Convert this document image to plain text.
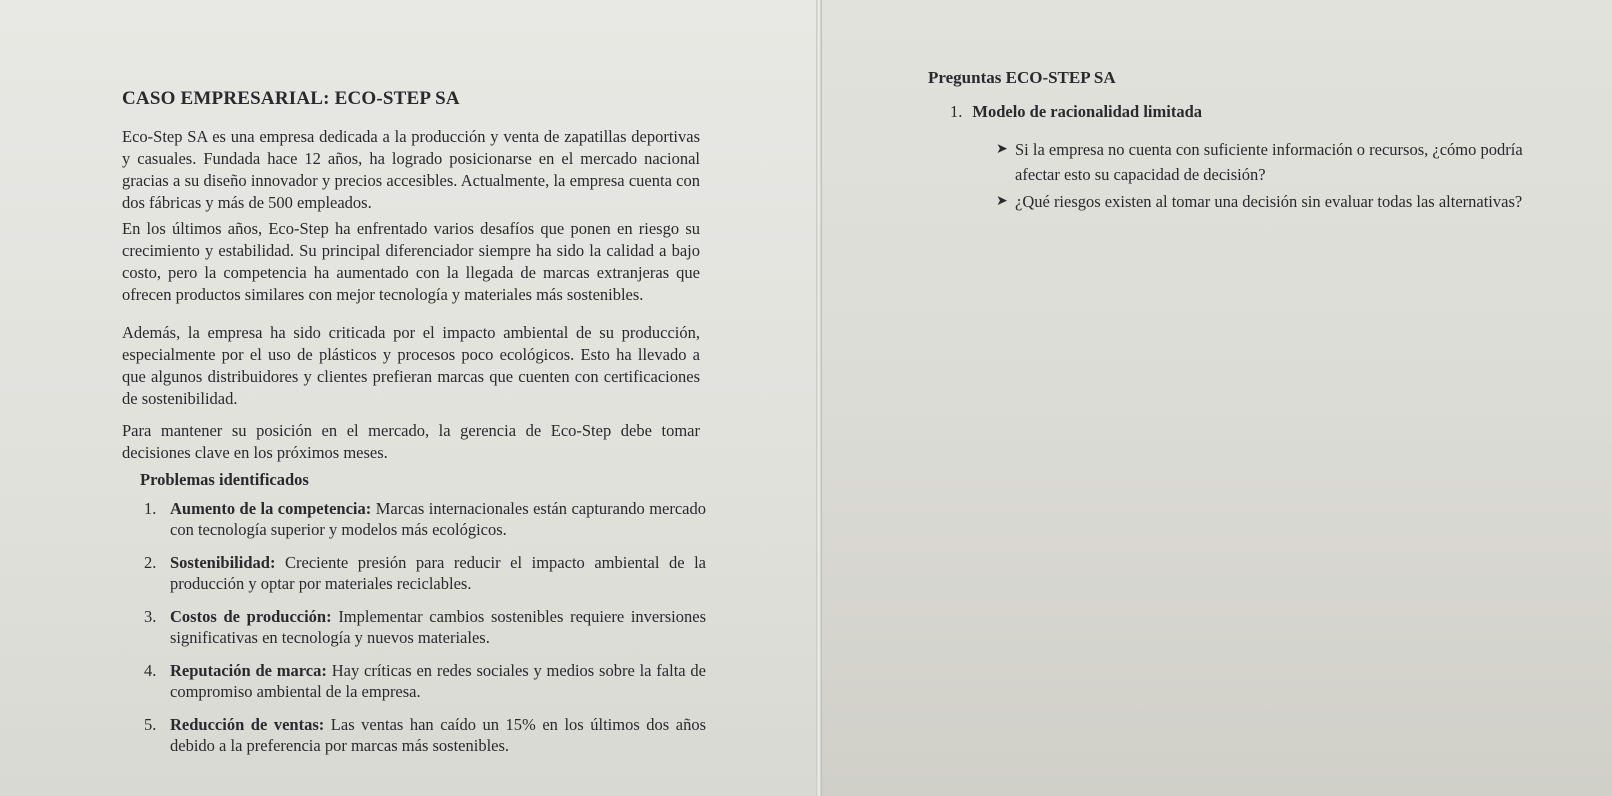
CASO EMPRESARIAL: ECO-STEP SA

Eco-Step SA es una empresa dedicada a la producción y venta de zapatillas deportivas y casuales. Fundada hace 12 años, ha logrado posicionarse en el mercado nacional gracias a su diseño innovador y precios accesibles. Actualmente, la empresa cuenta con dos fábricas y más de 500 empleados.

En los últimos años, Eco-Step ha enfrentado varios desafíos que ponen en riesgo su crecimiento y estabilidad. Su principal diferenciador siempre ha sido la calidad a bajo costo, pero la competencia ha aumentado con la llegada de marcas extranjeras que ofrecen productos similares con mejor tecnología y materiales más sostenibles.

Además, la empresa ha sido criticada por el impacto ambiental de su producción, especialmente por el uso de plásticos y procesos poco ecológicos. Esto ha llevado a que algunos distribuidores y clientes prefieran marcas que cuenten con certificaciones de sostenibilidad.

Para mantener su posición en el mercado, la gerencia de Eco-Step debe tomar decisiones clave en los próximos meses.

Problemas identificados

1. Aumento de la competencia: Marcas internacionales están capturando mercado con tecnología superior y modelos más ecológicos.

2. Sostenibilidad: Creciente presión para reducir el impacto ambiental de la producción y optar por materiales reciclables.

3. Costos de producción: Implementar cambios sostenibles requiere inversiones significativas en tecnología y nuevos materiales.

4. Reputación de marca: Hay críticas en redes sociales y medios sobre la falta de compromiso ambiental de la empresa.

5. Reducción de ventas: Las ventas han caído un 15% en los últimos dos años debido a la preferencia por marcas más sostenibles.

Preguntas ECO-STEP SA
1. Modelo de racionalidad limitada
➤ Si la empresa no cuenta con suficiente información o recursos, ¿cómo podría afectar esto su capacidad de decisión?

➤ ¿Qué riesgos existen al tomar una decisión sin evaluar todas las alternativas?
